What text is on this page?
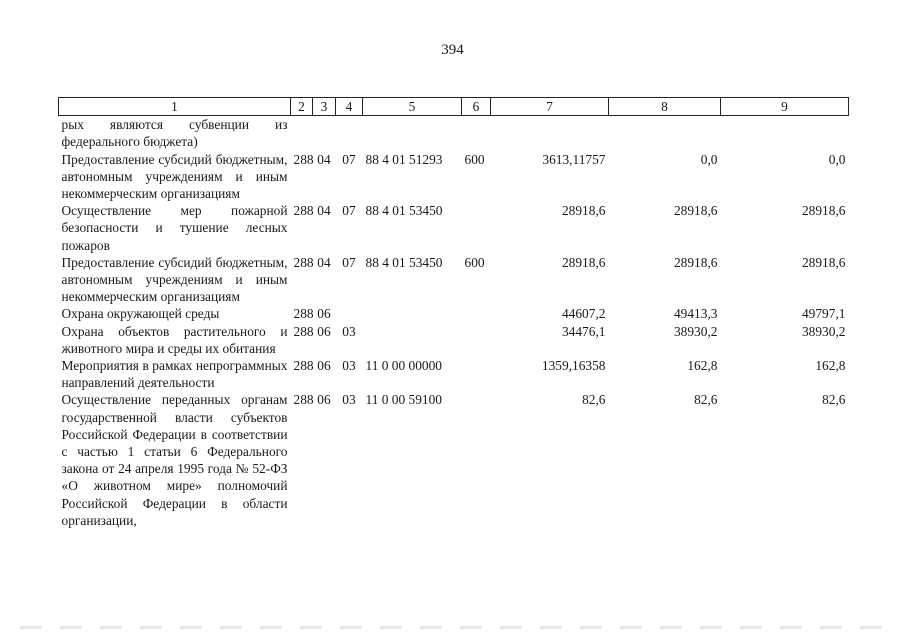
394
1	2	3	4	5	6	7	8	9
рых являются субвенции из федерального бюджета)								
Предоставление субсидий бюджетным, автономным учреждениям и иным некоммерческим организациям	288	04	07	88 4 01 51293	600	3613,11757	0,0	0,0
Осуществление мер пожарной безопасности и тушение лесных пожаров	288	04	07	88 4 01 53450		28918,6	28918,6	28918,6
Предоставление субсидий бюджетным, автономным учреждениям и иным некоммерческим организациям	288	04	07	88 4 01 53450	600	28918,6	28918,6	28918,6
Охрана окружающей среды	288	06				44607,2	49413,3	49797,1
Охрана объектов растительного и животного мира и среды их обитания	288	06	03			34476,1	38930,2	38930,2
Мероприятия в рамках непрограммных направлений деятельности	288	06	03	11 0 00 00000		1359,16358	162,8	162,8
Осуществление переданных органам государственной власти субъектов Российской Федерации в соответствии с частью 1 статьи 6 Федерального закона от 24 апреля 1995 года № 52-ФЗ «О животном мире» полномочий Российской Федерации в области организации,	288	06	03	11 0 00 59100		82,6	82,6	82,6
